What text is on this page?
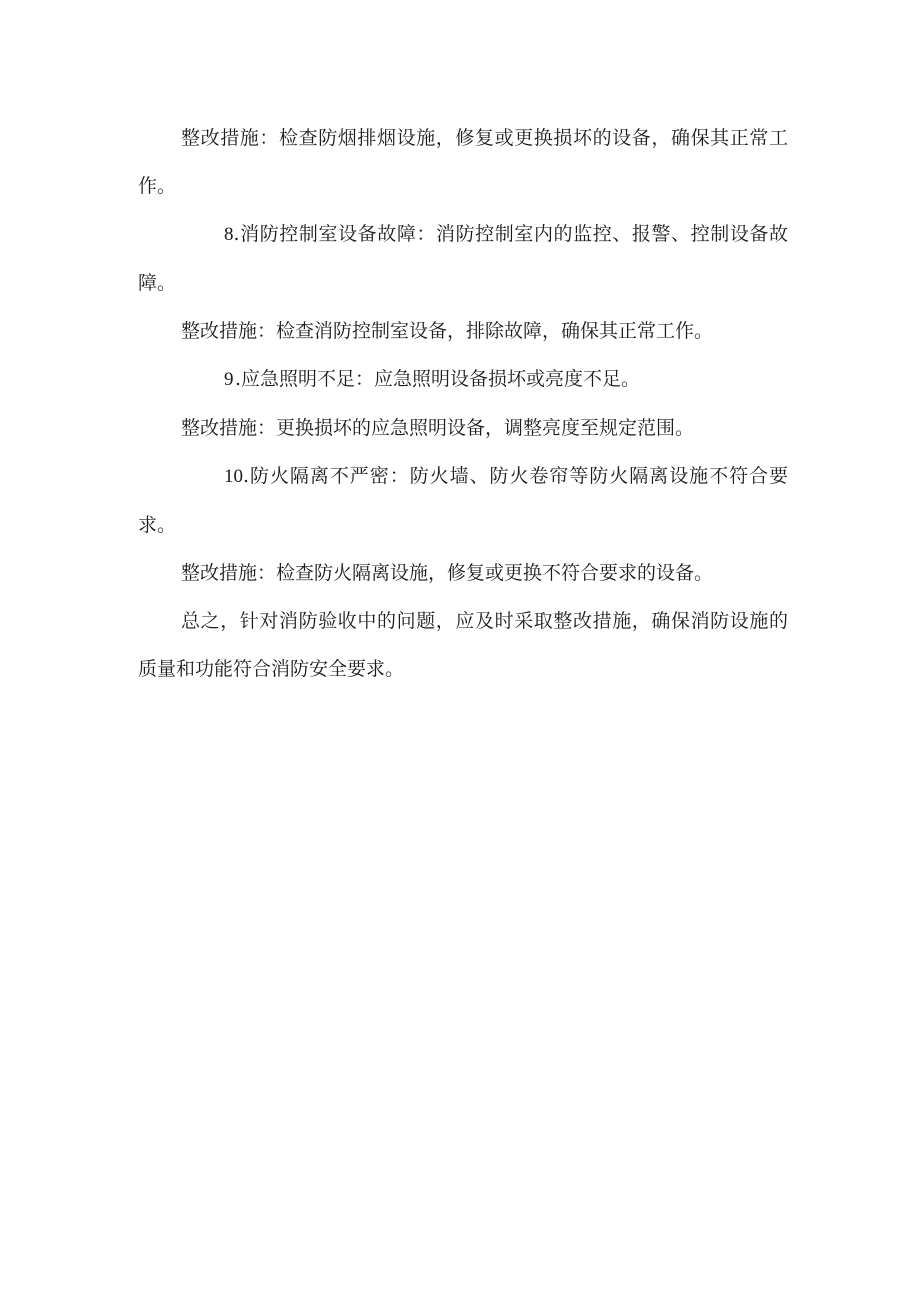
整改措施：检查防烟排烟设施，修复或更换损坏的设备，确保其正常工作。

8.消防控制室设备故障：消防控制室内的监控、报警、控制设备故障。

整改措施：检查消防控制室设备，排除故障，确保其正常工作。

9.应急照明不足：应急照明设备损坏或亮度不足。

整改措施：更换损坏的应急照明设备，调整亮度至规定范围。

10.防火隔离不严密：防火墙、防火卷帘等防火隔离设施不符合要求。

整改措施：检查防火隔离设施，修复或更换不符合要求的设备。

总之，针对消防验收中的问题，应及时采取整改措施，确保消防设施的质量和功能符合消防安全要求。
